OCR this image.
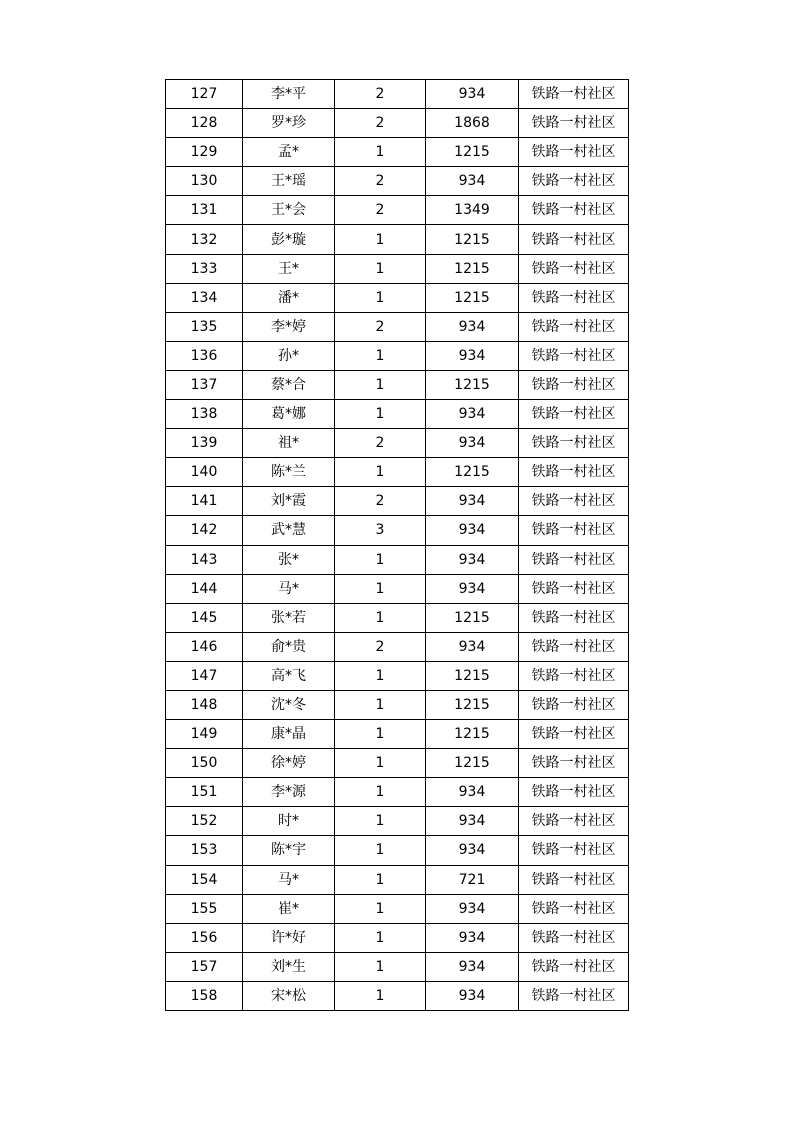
127	李*平	2	934	铁路一村社区
128	罗*珍	2	1868	铁路一村社区
129	孟*	1	1215	铁路一村社区
130	王*瑶	2	934	铁路一村社区
131	王*会	2	1349	铁路一村社区
132	彭*璇	1	1215	铁路一村社区
133	王*	1	1215	铁路一村社区
134	潘*	1	1215	铁路一村社区
135	李*婷	2	934	铁路一村社区
136	孙*	1	934	铁路一村社区
137	蔡*合	1	1215	铁路一村社区
138	葛*娜	1	934	铁路一村社区
139	祖*	2	934	铁路一村社区
140	陈*兰	1	1215	铁路一村社区
141	刘*霞	2	934	铁路一村社区
142	武*慧	3	934	铁路一村社区
143	张*	1	934	铁路一村社区
144	马*	1	934	铁路一村社区
145	张*若	1	1215	铁路一村社区
146	俞*贵	2	934	铁路一村社区
147	高*飞	1	1215	铁路一村社区
148	沈*冬	1	1215	铁路一村社区
149	康*晶	1	1215	铁路一村社区
150	徐*婷	1	1215	铁路一村社区
151	李*源	1	934	铁路一村社区
152	时*	1	934	铁路一村社区
153	陈*宇	1	934	铁路一村社区
154	马*	1	721	铁路一村社区
155	崔*	1	934	铁路一村社区
156	许*好	1	934	铁路一村社区
157	刘*生	1	934	铁路一村社区
158	宋*松	1	934	铁路一村社区
